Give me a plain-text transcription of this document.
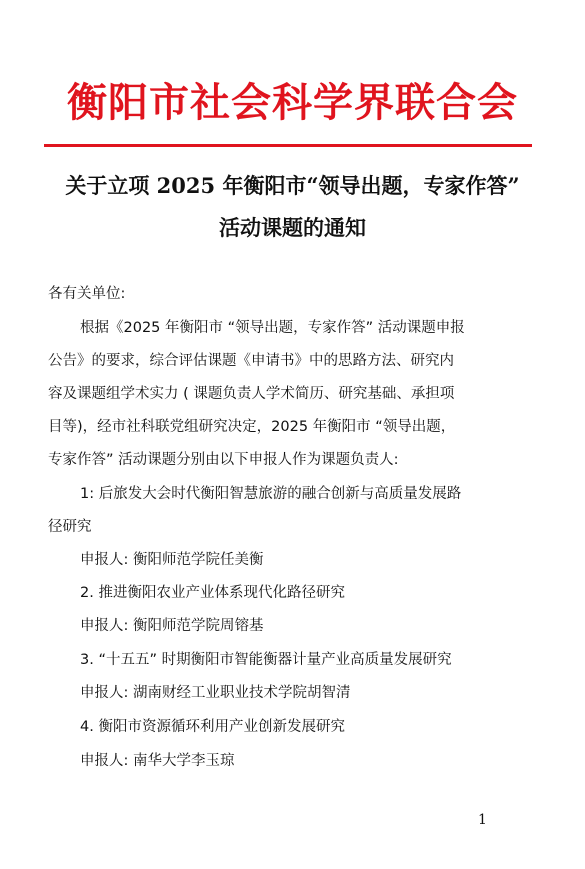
衡阳市社会科学界联合会
关于立项 2025 年衡阳市“领导出题，专家作答”
活动课题的通知
各有关单位:
根据《2025 年衡阳市 “领导出题，专家作答” 活动课题申报
公告》的要求，综合评估课题《申请书》中的思路方法、研究内
容及课题组学术实力 ( 课题负责人学术简历、研究基础、承担项
目等)，经市社科联党组研究决定，2025 年衡阳市 “领导出题，
专家作答” 活动课题分别由以下申报人作为课题负责人:
1: 后旅发大会时代衡阳智慧旅游的融合创新与高质量发展路
径研究
申报人: 衡阳师范学院任美衡
2. 推进衡阳农业产业体系现代化路径研究
申报人: 衡阳师范学院周镕基
3. “十五五” 时期衡阳市智能衡器计量产业高质量发展研究
申报人: 湖南财经工业职业技术学院胡智清
4. 衡阳市资源循环利用产业创新发展研究
申报人: 南华大学李玉琼
1
